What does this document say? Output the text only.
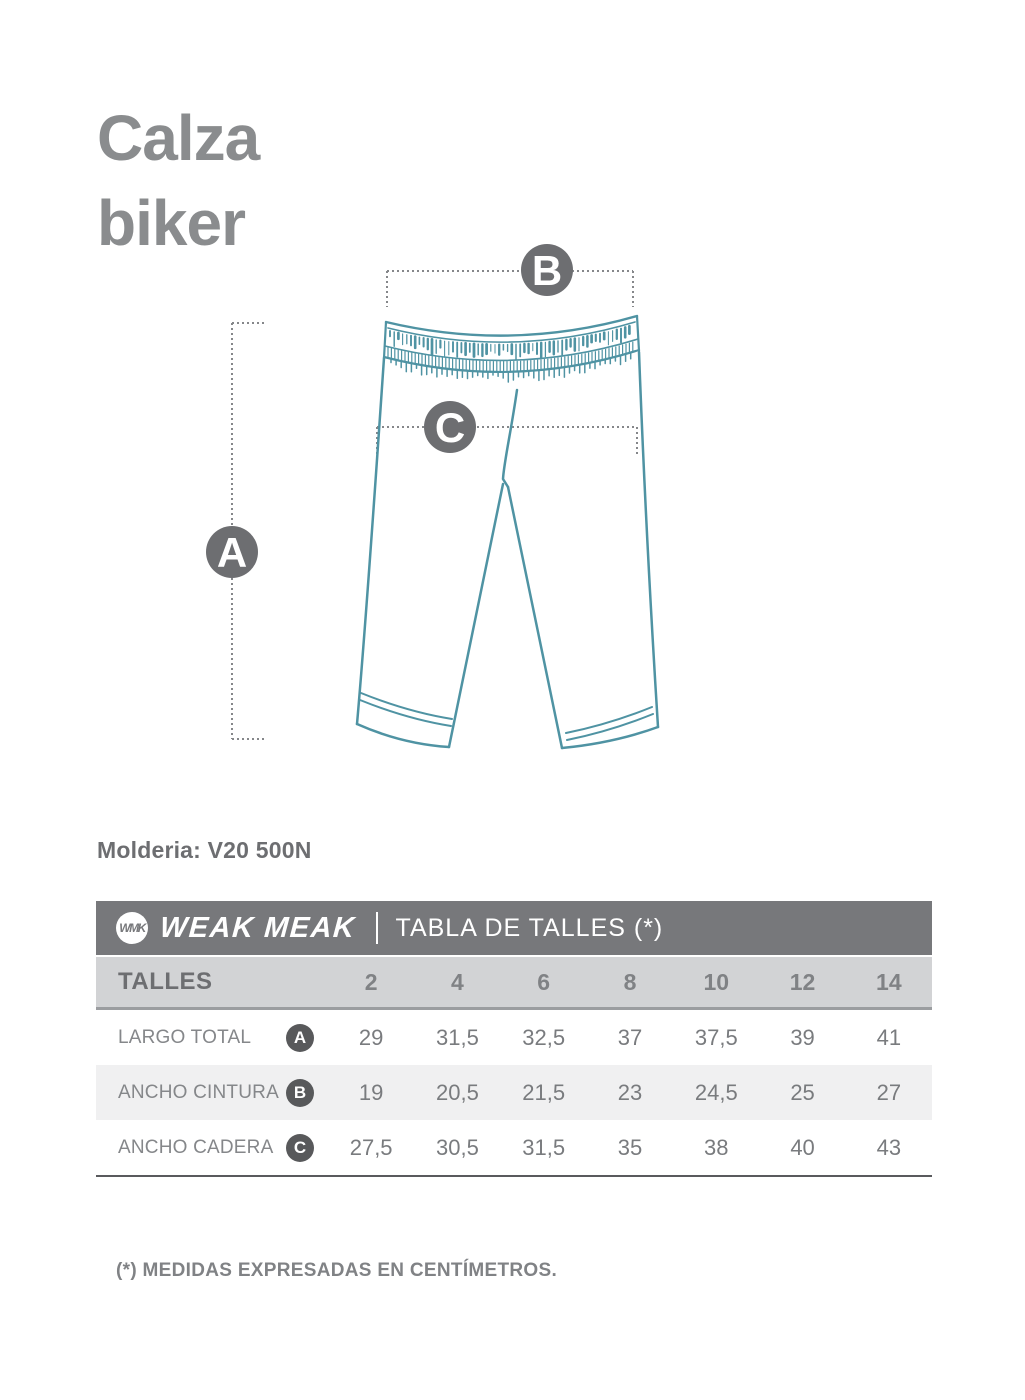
Calza
biker
B
A
C
Molderia: V20 500N
WMK WEAK MEAK TABLA DE TALLES (*)
TALLES	2	4	6	8	10	12	14
LARGO TOTAL	A	29	31,5	32,5	37	37,5	39	41
ANCHO CINTURA B	19	20,5	21,5	23	24,5	25	27
ANCHO CADERA	C	27,5	30,5	31,5	35	38	40	43
(*) MEDIDAS EXPRESADAS EN CENTÍMETROS.
